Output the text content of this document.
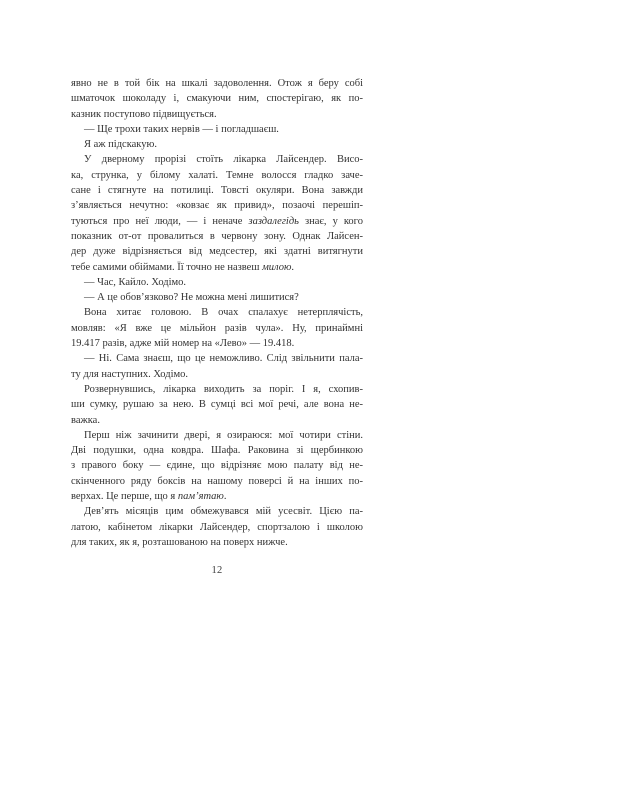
явно не в той бік на шкалі задоволення. Отож я беру собі
шматочок шоколаду і, смакуючи ним, спостерігаю, як по-
казник поступово підвищується.
— Ще трохи таких нервів — і погладшаєш.
Я аж підскакую.
У дверному прорізі стоїть лікарка Лайсендер. Висо-
ка, струнка, у білому халаті. Темне волосся гладко заче-
сане і стягнуте на потилиці. Товсті окуляри. Вона завжди
з’являється нечутно: «ковзає як привид», позаочі перешіп-
туються про неї люди, — і неначе заздалегідь знає, у кого
показник от-от провалиться в червону зону. Однак Лайсен-
дер дуже відрізняється від медсестер, які здатні витягнути
тебе самими обіймами. Її точно не назвеш милою.
— Час, Кайло. Ходімо.
— А це обов’язково? Не можна мені лишитися?
Вона хитає головою. В очах спалахує нетерплячість,
мовляв: «Я вже це мільйон разів чула». Ну, принаймні
19.417 разів, адже мій номер на «Лево» — 19.418.
— Ні. Сама знаєш, що це неможливо. Слід звільнити пала-
ту для наступних. Ходімо.
Розвернувшись, лікарка виходить за поріг. І я, схопив-
ши сумку, рушаю за нею. В сумці всі мої речі, але вона не-
важка.
Перш ніж зачинити двері, я озираюся: мої чотири стіни.
Дві подушки, одна ковдра. Шафа. Раковина зі щербинкою
з правого боку — єдине, що відрізняє мою палату від не-
скінченного ряду боксів на нашому поверсі й на інших по-
верхах. Це перше, що я пам’ятаю.
Дев’ять місяців цим обмежувався мій усесвіт. Цією па-
латою, кабінетом лікарки Лайсендер, спортзалою і школою
для таких, як я, розташованою на поверх нижче.
12
